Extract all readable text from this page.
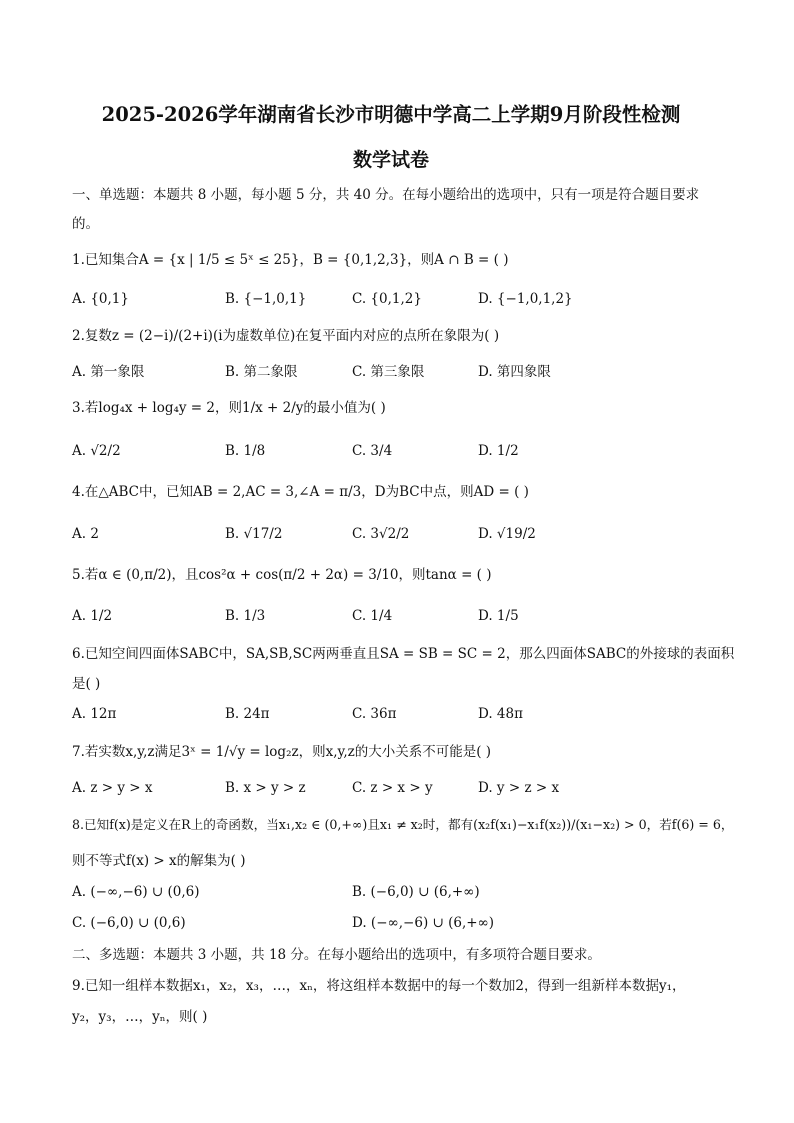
2025-2026学年湖南省长沙市明德中学高二上学期9月阶段性检测
数学试卷
一、单选题：本题共 8 小题，每小题 5 分，共 40 分。在每小题给出的选项中，只有一项是符合题目要求
的。
1.已知集合A = {x | 1/5 ≤ 5ˣ ≤ 25}，B = {0,1,2,3}，则A ∩ B = ( )
A. {0,1}	B. {−1,0,1}	C. {0,1,2}	D. {−1,0,1,2}
2.复数z = (2−i)/(2+i)(i为虚数单位)在复平面内对应的点所在象限为( )
A. 第一象限	B. 第二象限	C. 第三象限	D. 第四象限
3.若log₄x + log₄y = 2，则1/x + 2/y的最小值为( )
A. √2/2	B. 1/8	C. 3/4	D. 1/2
4.在△ABC中，已知AB = 2,AC = 3,∠A = π/3，D为BC中点，则AD = ( )
A. 2	B. √17/2	C. 3√2/2	D. √19/2
5.若α ∈ (0,π/2)，且cos²α + cos(π/2 + 2α) = 3/10，则tanα = ( )
A. 1/2	B. 1/3	C. 1/4	D. 1/5
6.已知空间四面体SABC中，SA,SB,SC两两垂直且SA = SB = SC = 2，那么四面体SABC的外接球的表面积
是( )
A. 12π	B. 24π	C. 36π	D. 48π
7.若实数x,y,z满足3ˣ = 1/√y = log₂z，则x,y,z的大小关系不可能是( )
A. z > y > x	B. x > y > z	C. z > x > y	D. y > z > x
8.已知f(x)是定义在R上的奇函数，当x₁,x₂ ∈ (0,+∞)且x₁ ≠ x₂时，都有(x₂f(x₁)−x₁f(x₂))/(x₁−x₂) > 0，若f(6) = 6，
则不等式f(x) > x的解集为( )
A. (−∞,−6) ∪ (0,6)	B. (−6,0) ∪ (6,+∞)
C. (−6,0) ∪ (0,6)	D. (−∞,−6) ∪ (6,+∞)
二、多选题：本题共 3 小题，共 18 分。在每小题给出的选项中，有多项符合题目要求。
9.已知一组样本数据x₁，x₂，x₃，…，xₙ，将这组样本数据中的每一个数加2，得到一组新样本数据y₁，
y₂，y₃，…，yₙ，则( )
